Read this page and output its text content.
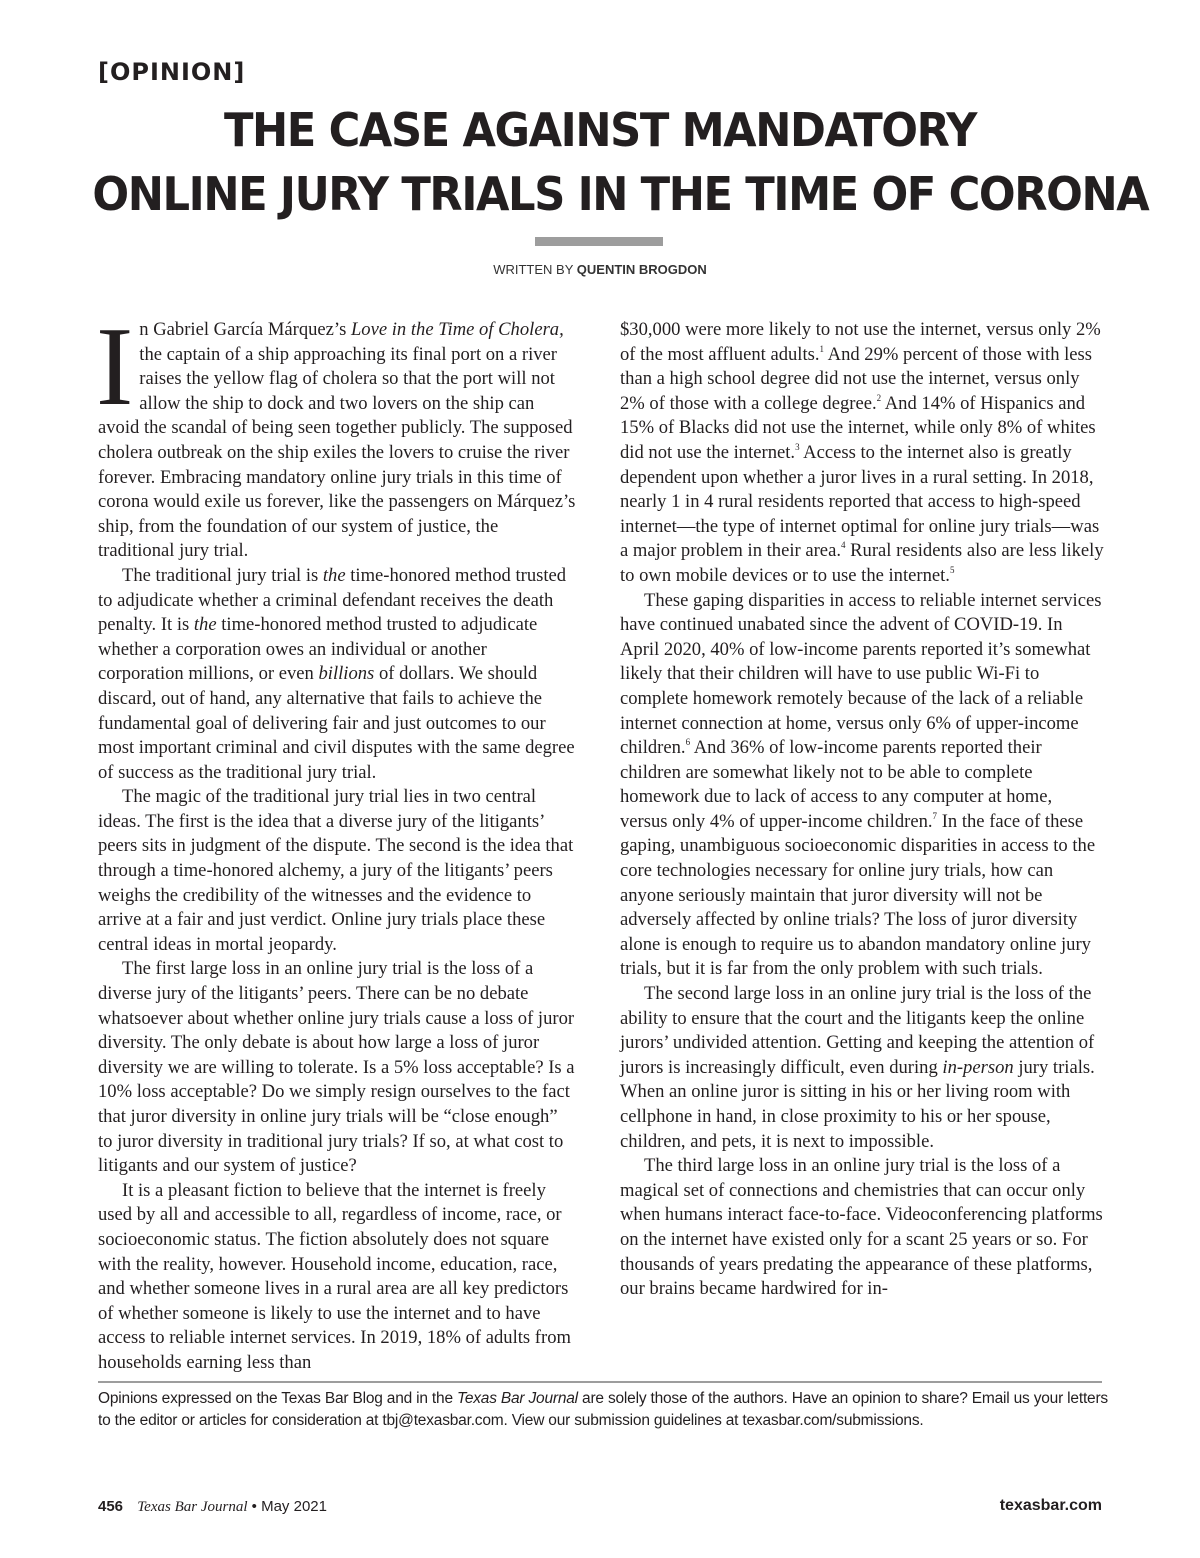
[OPINION]
THE CASE AGAINST MANDATORY
ONLINE JURY TRIALS IN THE TIME OF CORONA
WRITTEN BY QUENTIN BROGDON

In Gabriel García Márquez’s Love in the Time of Cholera, the captain of a ship approaching its final port on a river raises the yellow flag of cholera so that the port will not allow the ship to dock and two lovers on the ship can avoid the scandal of being seen together publicly. The supposed cholera outbreak on the ship exiles the lovers to cruise the river forever. Embracing mandatory online jury trials in this time of corona would exile us forever, like the passengers on Márquez’s ship, from the foundation of our system of justice, the traditional jury trial.

The traditional jury trial is the time-honored method trusted to adjudicate whether a criminal defendant receives the death penalty. It is the time-honored method trusted to adjudicate whether a corporation owes an individual or another corporation millions, or even billions of dollars. We should discard, out of hand, any alternative that fails to achieve the fundamental goal of delivering fair and just outcomes to our most important criminal and civil disputes with the same degree of success as the traditional jury trial.

The magic of the traditional jury trial lies in two central ideas. The first is the idea that a diverse jury of the litigants’ peers sits in judgment of the dispute. The second is the idea that through a time-honored alchemy, a jury of the litigants’ peers weighs the credibility of the witnesses and the evidence to arrive at a fair and just verdict. Online jury trials place these central ideas in mortal jeopardy.

The first large loss in an online jury trial is the loss of a diverse jury of the litigants’ peers. There can be no debate whatsoever about whether online jury trials cause a loss of juror diversity. The only debate is about how large a loss of juror diversity we are willing to tolerate. Is a 5% loss acceptable? Is a 10% loss acceptable? Do we simply resign ourselves to the fact that juror diversity in online jury trials will be “close enough” to juror diversity in traditional jury trials? If so, at what cost to litigants and our system of justice?

It is a pleasant fiction to believe that the internet is freely used by all and accessible to all, regardless of income, race, or socioeconomic status. The fiction absolutely does not square with the reality, however. Household income, education, race, and whether someone lives in a rural area are all key predictors of whether someone is likely to use the internet and to have access to reliable internet services. In 2019, 18% of adults from households earning less than

$30,000 were more likely to not use the internet, versus only 2% of the most affluent adults.$^1$ And 29% percent of those with less than a high school degree did not use the internet, versus only 2% of those with a college degree.$^2$ And 14% of Hispanics and 15% of Blacks did not use the internet, while only 8% of whites did not use the internet.$^3$ Access to the internet also is greatly dependent upon whether a juror lives in a rural setting. In 2018, nearly 1 in 4 rural residents reported that access to high-speed internet—the type of internet optimal for online jury trials—was a major problem in their area.$^4$ Rural residents also are less likely to own mobile devices or to use the internet.$^5$

These gaping disparities in access to reliable internet services have continued unabated since the advent of COVID-19. In April 2020, 40% of low-income parents reported it’s somewhat likely that their children will have to use public Wi-Fi to complete homework remotely because of the lack of a reliable internet connection at home, versus only 6% of upper-income children.$^6$ And 36% of low-income parents reported their children are somewhat likely not to be able to complete homework due to lack of access to any computer at home, versus only 4% of upper-income children.$^7$ In the face of these gaping, unambiguous socioeconomic disparities in access to the core technologies necessary for online jury trials, how can anyone seriously maintain that juror diversity will not be adversely affected by online trials? The loss of juror diversity alone is enough to require us to abandon mandatory online jury trials, but it is far from the only problem with such trials.

The second large loss in an online jury trial is the loss of the ability to ensure that the court and the litigants keep the online jurors’ undivided attention. Getting and keeping the attention of jurors is increasingly difficult, even during in-person jury trials. When an online juror is sitting in his or her living room with cellphone in hand, in close proximity to his or her spouse, children, and pets, it is next to impossible.

The third large loss in an online jury trial is the loss of a magical set of connections and chemistries that can occur only when humans interact face-to-face. Videoconferencing platforms on the internet have existed only for a scant 25 years or so. For thousands of years predating the appearance of these platforms, our brains became hardwired for in-

Opinions expressed on the Texas Bar Blog and in the Texas Bar Journal are solely those of the authors. Have an opinion to share? Email us your letters to the editor or articles for consideration at tbj@texasbar.com. View our submission guidelines at texasbar.com/submissions.
456 Texas Bar Journal • May 2021	texasbar.com
